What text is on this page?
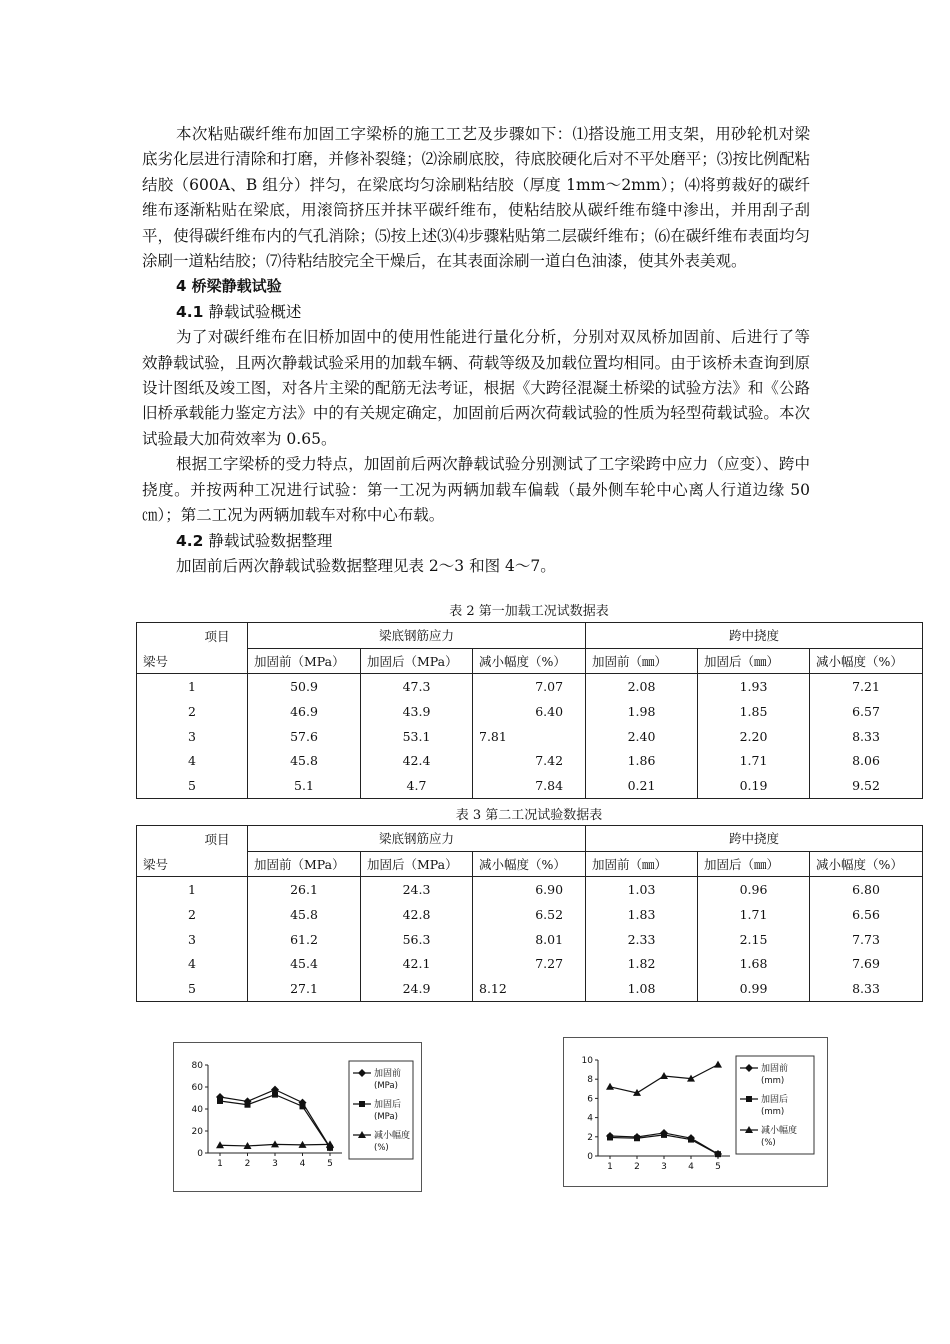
本次粘贴碳纤维布加固工字梁桥的施工工艺及步骤如下：⑴搭设施工用支架，用砂轮机对梁底劣化层进行清除和打磨，并修补裂缝；⑵涂刷底胶，待底胶硬化后对不平处磨平；⑶按比例配粘结胶（600A、B 组分）拌匀，在梁底均匀涂刷粘结胶（厚度 1mm～2mm）；⑷将剪裁好的碳纤维布逐渐粘贴在梁底，用滚筒挤压并抹平碳纤维布，使粘结胶从碳纤维布缝中渗出，并用刮子刮平，使得碳纤维布内的气孔消除；⑸按上述⑶⑷步骤粘贴第二层碳纤维布；⑹在碳纤维布表面均匀涂刷一道粘结胶；⑺待粘结胶完全干燥后，在其表面涂刷一道白色油漆，使其外表美观。

4 桥梁静载试验

4.1 静载试验概述

为了对碳纤维布在旧桥加固中的使用性能进行量化分析，分别对双凤桥加固前、后进行了等效静载试验，且两次静载试验采用的加载车辆、荷载等级及加载位置均相同。由于该桥未查询到原设计图纸及竣工图，对各片主梁的配筋无法考证，根据《大跨径混凝土桥梁的试验方法》和《公路旧桥承载能力鉴定方法》中的有关规定确定，加固前后两次荷载试验的性质为轻型荷载试验。本次试验最大加荷效率为 0.65。

根据工字梁桥的受力特点，加固前后两次静载试验分别测试了工字梁跨中应力（应变）、跨中挠度。并按两种工况进行试验：第一工况为两辆加载车偏载（最外侧车轮中心离人行道边缘 50㎝）；第二工况为两辆加载车对称中心布载。

4.2 静载试验数据整理

加固前后两次静载试验数据整理见表 2～3 和图 4～7。

表 2 第一加载工况试数据表
项目	梁底钢筋应力			跨中挠度		
梁号	加固前（MPa）	加固后（MPa）	减小幅度（%）	加固前（㎜）	加固后（㎜）	减小幅度（%）
1	50.9	47.3	7.07	2.08	1.93	7.21
2	46.9	43.9	6.40	1.98	1.85	6.57
3	57.6	53.1	7.81	2.40	2.20	8.33
4	45.8	42.4	7.42	1.86	1.71	8.06
5	5.1	4.7	7.84	0.21	0.19	9.52
表 3 第二工况试验数据表
项目	梁底钢筋应力			跨中挠度		
梁号	加固前（MPa）	加固后（MPa）	减小幅度（%）	加固前（㎜）	加固后（㎜）	减小幅度（%）
1	26.1	24.3	6.90	1.03	0.96	6.80
2	45.8	42.8	6.52	1.83	1.71	6.56
3	61.2	56.3	8.01	2.33	2.15	7.73
4	45.4	42.1	7.27	1.82	1.68	7.69
5	27.1	24.9	8.12	1.08	0.99	8.33
0
20
40
60
80
1 2 3 4 5
加固前
(MPa)
加固后
(MPa)
减小幅度
(%)
0
2
4
6
8
10
1 2 3 4 5
加固前
(mm)
加固后
(mm)
减小幅度
(%)
